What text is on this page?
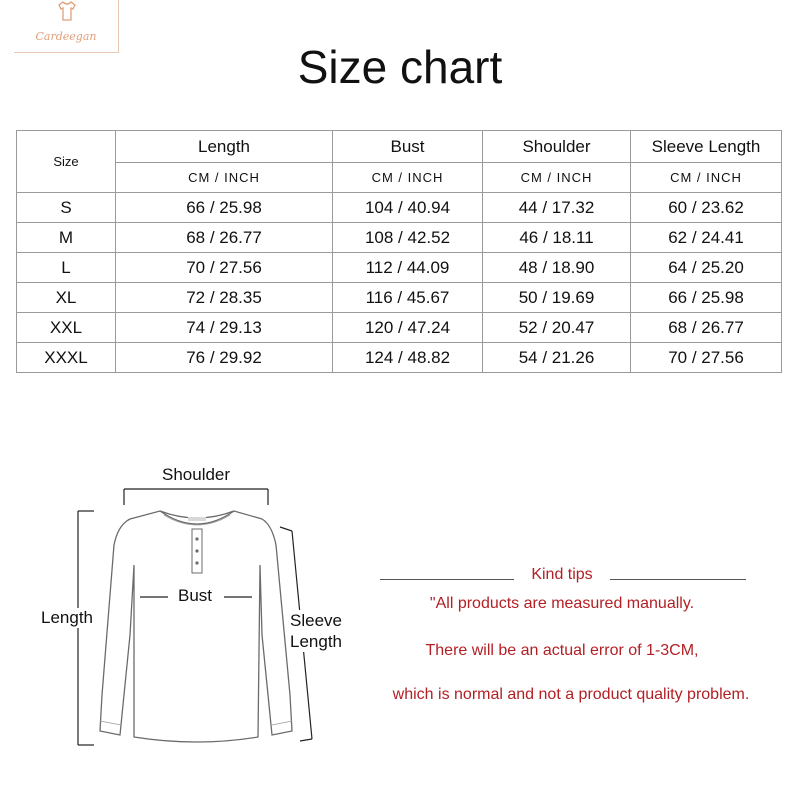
Cardeegan
Size chart
Size	Length	Bust	Shoulder	Sleeve Length
	CM / INCH	CM / INCH	CM / INCH	CM / INCH
S	66 / 25.98	104 / 40.94	44 / 17.32	60 / 23.62
M	68 / 26.77	108 / 42.52	46 / 18.11	62 / 24.41
L	70 / 27.56	112 / 44.09	48 / 18.90	64 / 25.20
XL	72 / 28.35	116 / 45.67	50 / 19.69	66 / 25.98
XXL	74 / 29.13	120 / 47.24	52 / 20.47	68 / 26.77
XXXL	76 / 29.92	124 / 48.82	54 / 21.26	70 / 27.56
Shoulder
Bust
Length	Sleeve
Length
Kind tips
"All products are measured manually.
There will be an actual error of 1-3CM,
which is normal and not a product quality problem.
